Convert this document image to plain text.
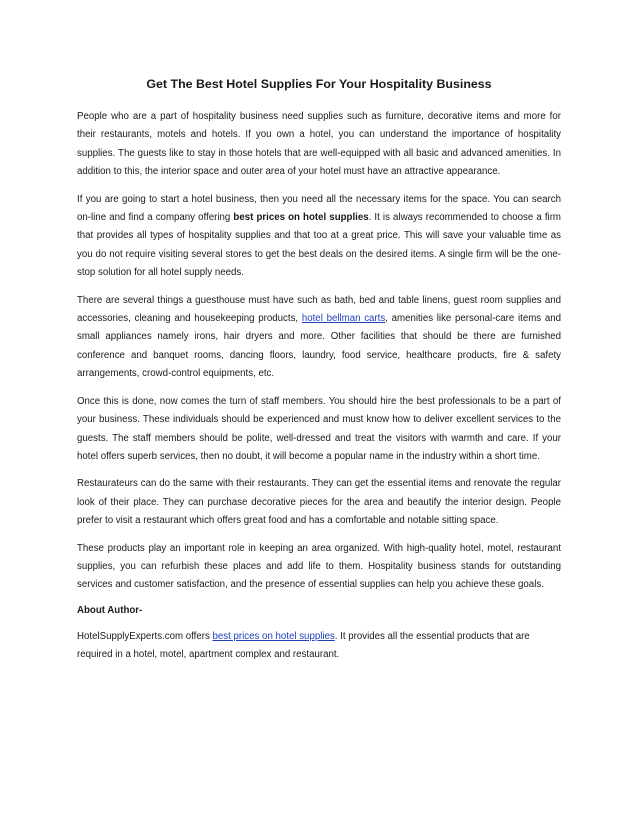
Get The Best Hotel Supplies For Your Hospitality Business

People who are a part of hospitality business need supplies such as furniture, decorative items and more for their restaurants, motels and hotels. If you own a hotel, you can understand the importance of hospitality supplies. The guests like to stay in those hotels that are well-equipped with all basic and advanced amenities. In addition to this, the interior space and outer area of your hotel must have an attractive appearance.

If you are going to start a hotel business, then you need all the necessary items for the space. You can search on-line and find a company offering best prices on hotel supplies. It is always recommended to choose a firm that provides all types of hospitality supplies and that too at a great price. This will save your valuable time as you do not require visiting several stores to get the best deals on the desired items. A single firm will be the one-stop solution for all hotel supply needs.

There are several things a guesthouse must have such as bath, bed and table linens, guest room supplies and accessories, cleaning and housekeeping products, hotel bellman carts, amenities like personal-care items and small appliances namely irons, hair dryers and more. Other facilities that should be there are furnished conference and banquet rooms, dancing floors, laundry, food service, healthcare products, fire & safety arrangements, crowd-control equipments, etc.

Once this is done, now comes the turn of staff members. You should hire the best professionals to be a part of your business. These individuals should be experienced and must know how to deliver excellent services to the guests. The staff members should be polite, well-dressed and treat the visitors with warmth and care. If your hotel offers superb services, then no doubt, it will become a popular name in the industry within a short time.

Restaurateurs can do the same with their restaurants. They can get the essential items and renovate the regular look of their place. They can purchase decorative pieces for the area and beautify the interior design. People prefer to visit a restaurant which offers great food and has a comfortable and notable sitting space.

These products play an important role in keeping an area organized. With high-quality hotel, motel, restaurant supplies, you can refurbish these places and add life to them. Hospitality business stands for outstanding services and customer satisfaction, and the presence of essential supplies can help you achieve these goals.

About Author-

HotelSupplyExperts.com offers best prices on hotel supplies. It provides all the essential products that are required in a hotel, motel, apartment complex and restaurant.
